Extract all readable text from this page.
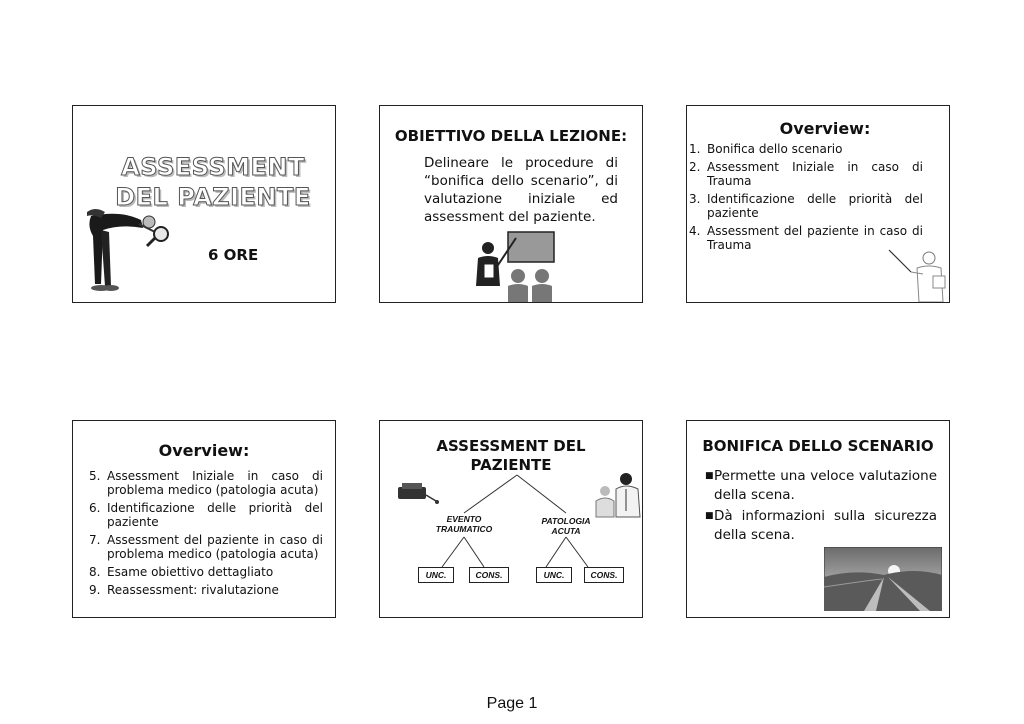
ASSESSMENT
DEL PAZIENTE
6 ORE
OBIETTIVO DELLA LEZIONE:
Delineare le procedure di “bonifica dello scenario”, di valutazione iniziale ed assessment del paziente.
Overview:
1. Bonifica dello scenario
2. Assessment Iniziale in caso di Trauma
3. Identificazione delle priorità del paziente
4. Assessment del paziente in caso di Trauma
Overview:
5. Assessment Iniziale in caso di problema medico (patologia acuta)
6. Identificazione delle priorità del paziente
7. Assessment del paziente in caso di problema medico (patologia acuta)
8. Esame obiettivo dettagliato
9. Reassessment: rivalutazione
ASSESSMENT DEL
PAZIENTE
EVENTO
TRAUMATICO
PATOLOGIA
ACUTA
UNC.	CONS.	UNC.	CONS.
BONIFICA DELLO SCENARIO
■ Permette una veloce valutazione della scena.
■ Dà informazioni sulla sicurezza della scena.
Page 1
